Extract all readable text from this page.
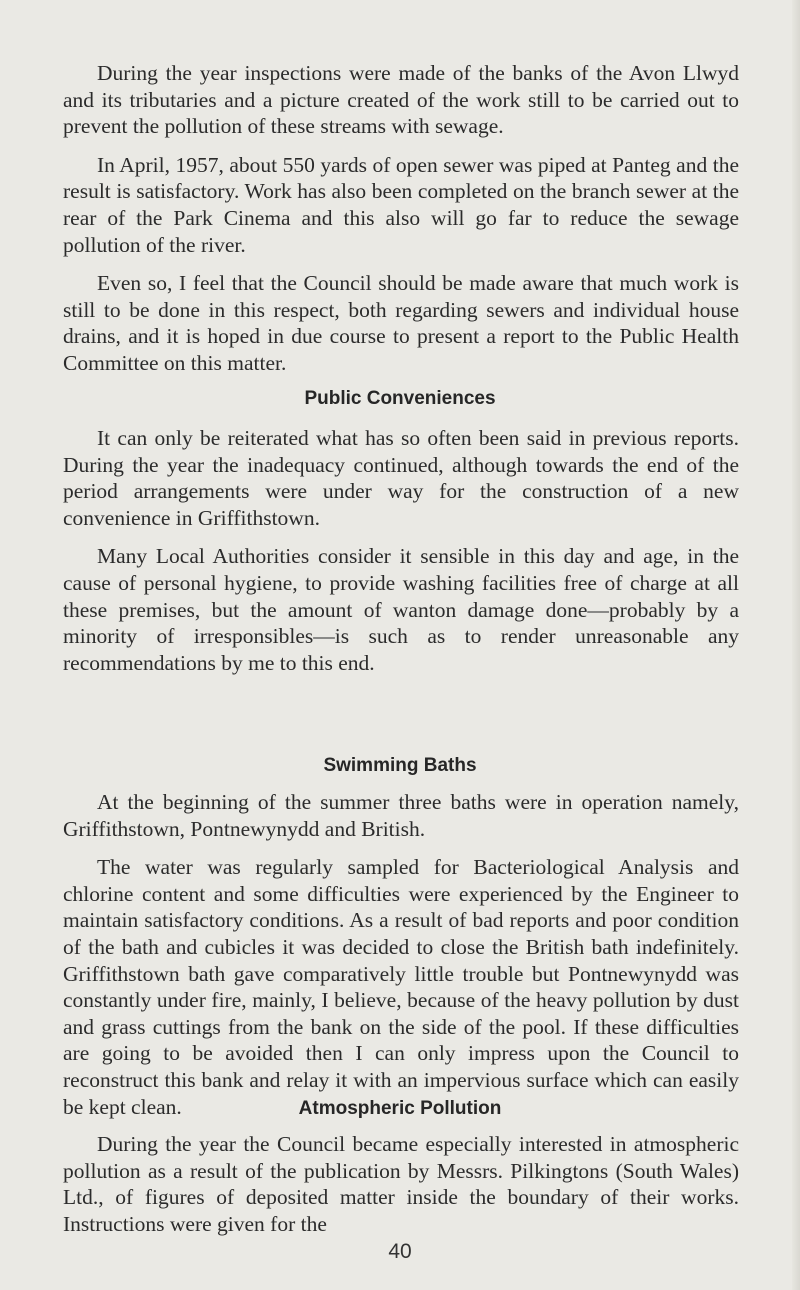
During the year inspections were made of the banks of the Avon Llwyd and its tributaries and a picture created of the work still to be carried out to prevent the pollution of these streams with sewage.

In April, 1957, about 550 yards of open sewer was piped at Panteg and the result is satisfactory. Work has also been completed on the branch sewer at the rear of the Park Cinema and this also will go far to reduce the sewage pollution of the river.

Even so, I feel that the Council should be made aware that much work is still to be done in this respect, both regarding sewers and individual house drains, and it is hoped in due course to present a report to the Public Health Committee on this matter.

Public Conveniences

It can only be reiterated what has so often been said in previous reports. During the year the inadequacy continued, although towards the end of the period arrangements were under way for the construction of a new convenience in Griffithstown.

Many Local Authorities consider it sensible in this day and age, in the cause of personal hygiene, to provide washing facilities free of charge at all these premises, but the amount of wanton damage done—probably by a minority of irresponsibles—is such as to render unreasonable any recommendations by me to this end.

Swimming Baths

At the beginning of the summer three baths were in operation namely, Griffithstown, Pontnewynydd and British.

The water was regularly sampled for Bacteriological Analysis and chlorine content and some difficulties were experienced by the Engineer to maintain satisfactory conditions. As a result of bad reports and poor condition of the bath and cubicles it was decided to close the British bath indefinitely. Griffithstown bath gave comparatively little trouble but Pontnewynydd was constantly under fire, mainly, I believe, because of the heavy pollution by dust and grass cuttings from the bank on the side of the pool. If these difficulties are going to be avoided then I can only impress upon the Council to reconstruct this bank and relay it with an impervious surface which can easily be kept clean.	Atmospheric Pollution

During the year the Council became especially interested in atmospheric pollution as a result of the publication by Messrs. Pilkingtons (South Wales) Ltd., of figures of deposited matter inside the boundary of their works. Instructions were given for the

40
